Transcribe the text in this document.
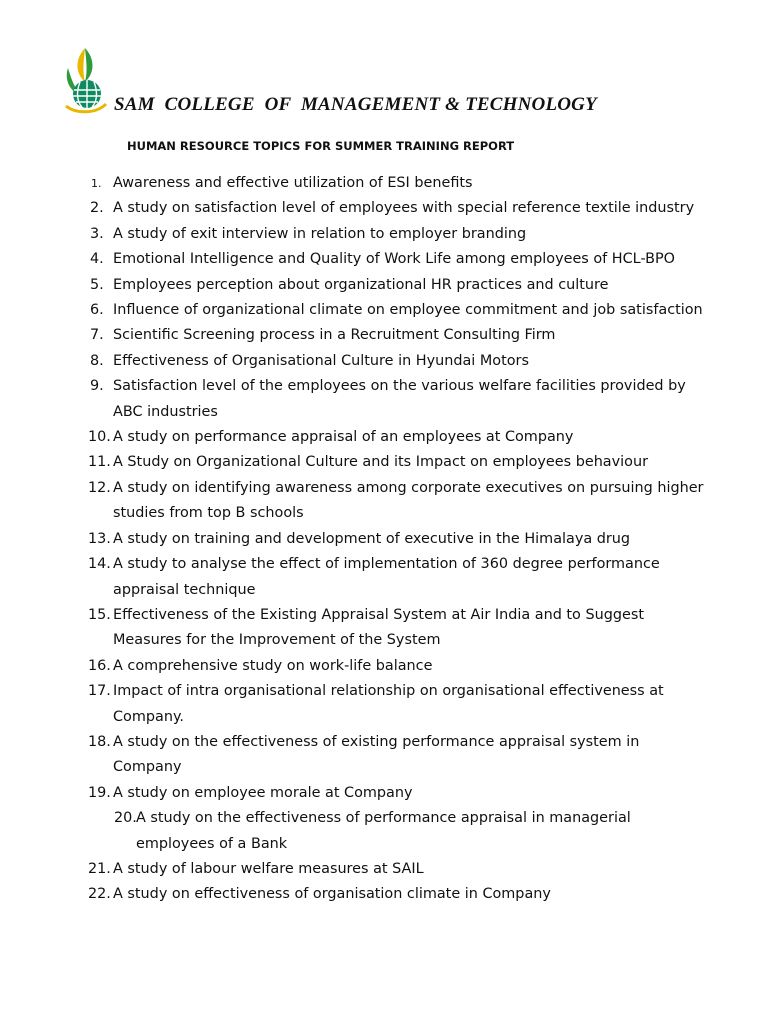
SAM  COLLEGE  OF  MANAGEMENT & TECHNOLOGY
HUMAN RESOURCE TOPICS FOR SUMMER TRAINING REPORT
1. Awareness and effective utilization of ESI benefits
2. A study on satisfaction level of employees with special reference textile industry
3. A study of exit interview in relation to employer branding
4. Emotional Intelligence and Quality of Work Life among employees of HCL-BPO
5. Employees perception about organizational HR practices and culture
6. Influence of organizational climate on employee commitment and job satisfaction
7. Scientific Screening process in a Recruitment Consulting Firm
8. Effectiveness of Organisational Culture in Hyundai Motors
9. Satisfaction level of the employees on the various welfare facilities provided by ABC industries
10. A study on performance appraisal of an employees at Company
11. A Study on Organizational Culture and its Impact on employees behaviour
12. A study on identifying awareness among corporate executives on pursuing higher studies from top B schools
13. A study on training and development of executive in the Himalaya drug
14. A study to analyse the effect of implementation of 360 degree performance appraisal technique
15. Effectiveness of the Existing Appraisal System at Air India and to Suggest Measures for the Improvement of the System
16. A comprehensive study on work-life balance
17. Impact of intra organisational relationship on organisational effectiveness at Company.
18. A study on the effectiveness of existing performance appraisal system in Company
19. A study on employee morale at Company
20. A study on the effectiveness of performance appraisal in managerial employees of a Bank
21. A study of labour welfare measures at SAIL
22. A study on effectiveness of organisation climate in Company
